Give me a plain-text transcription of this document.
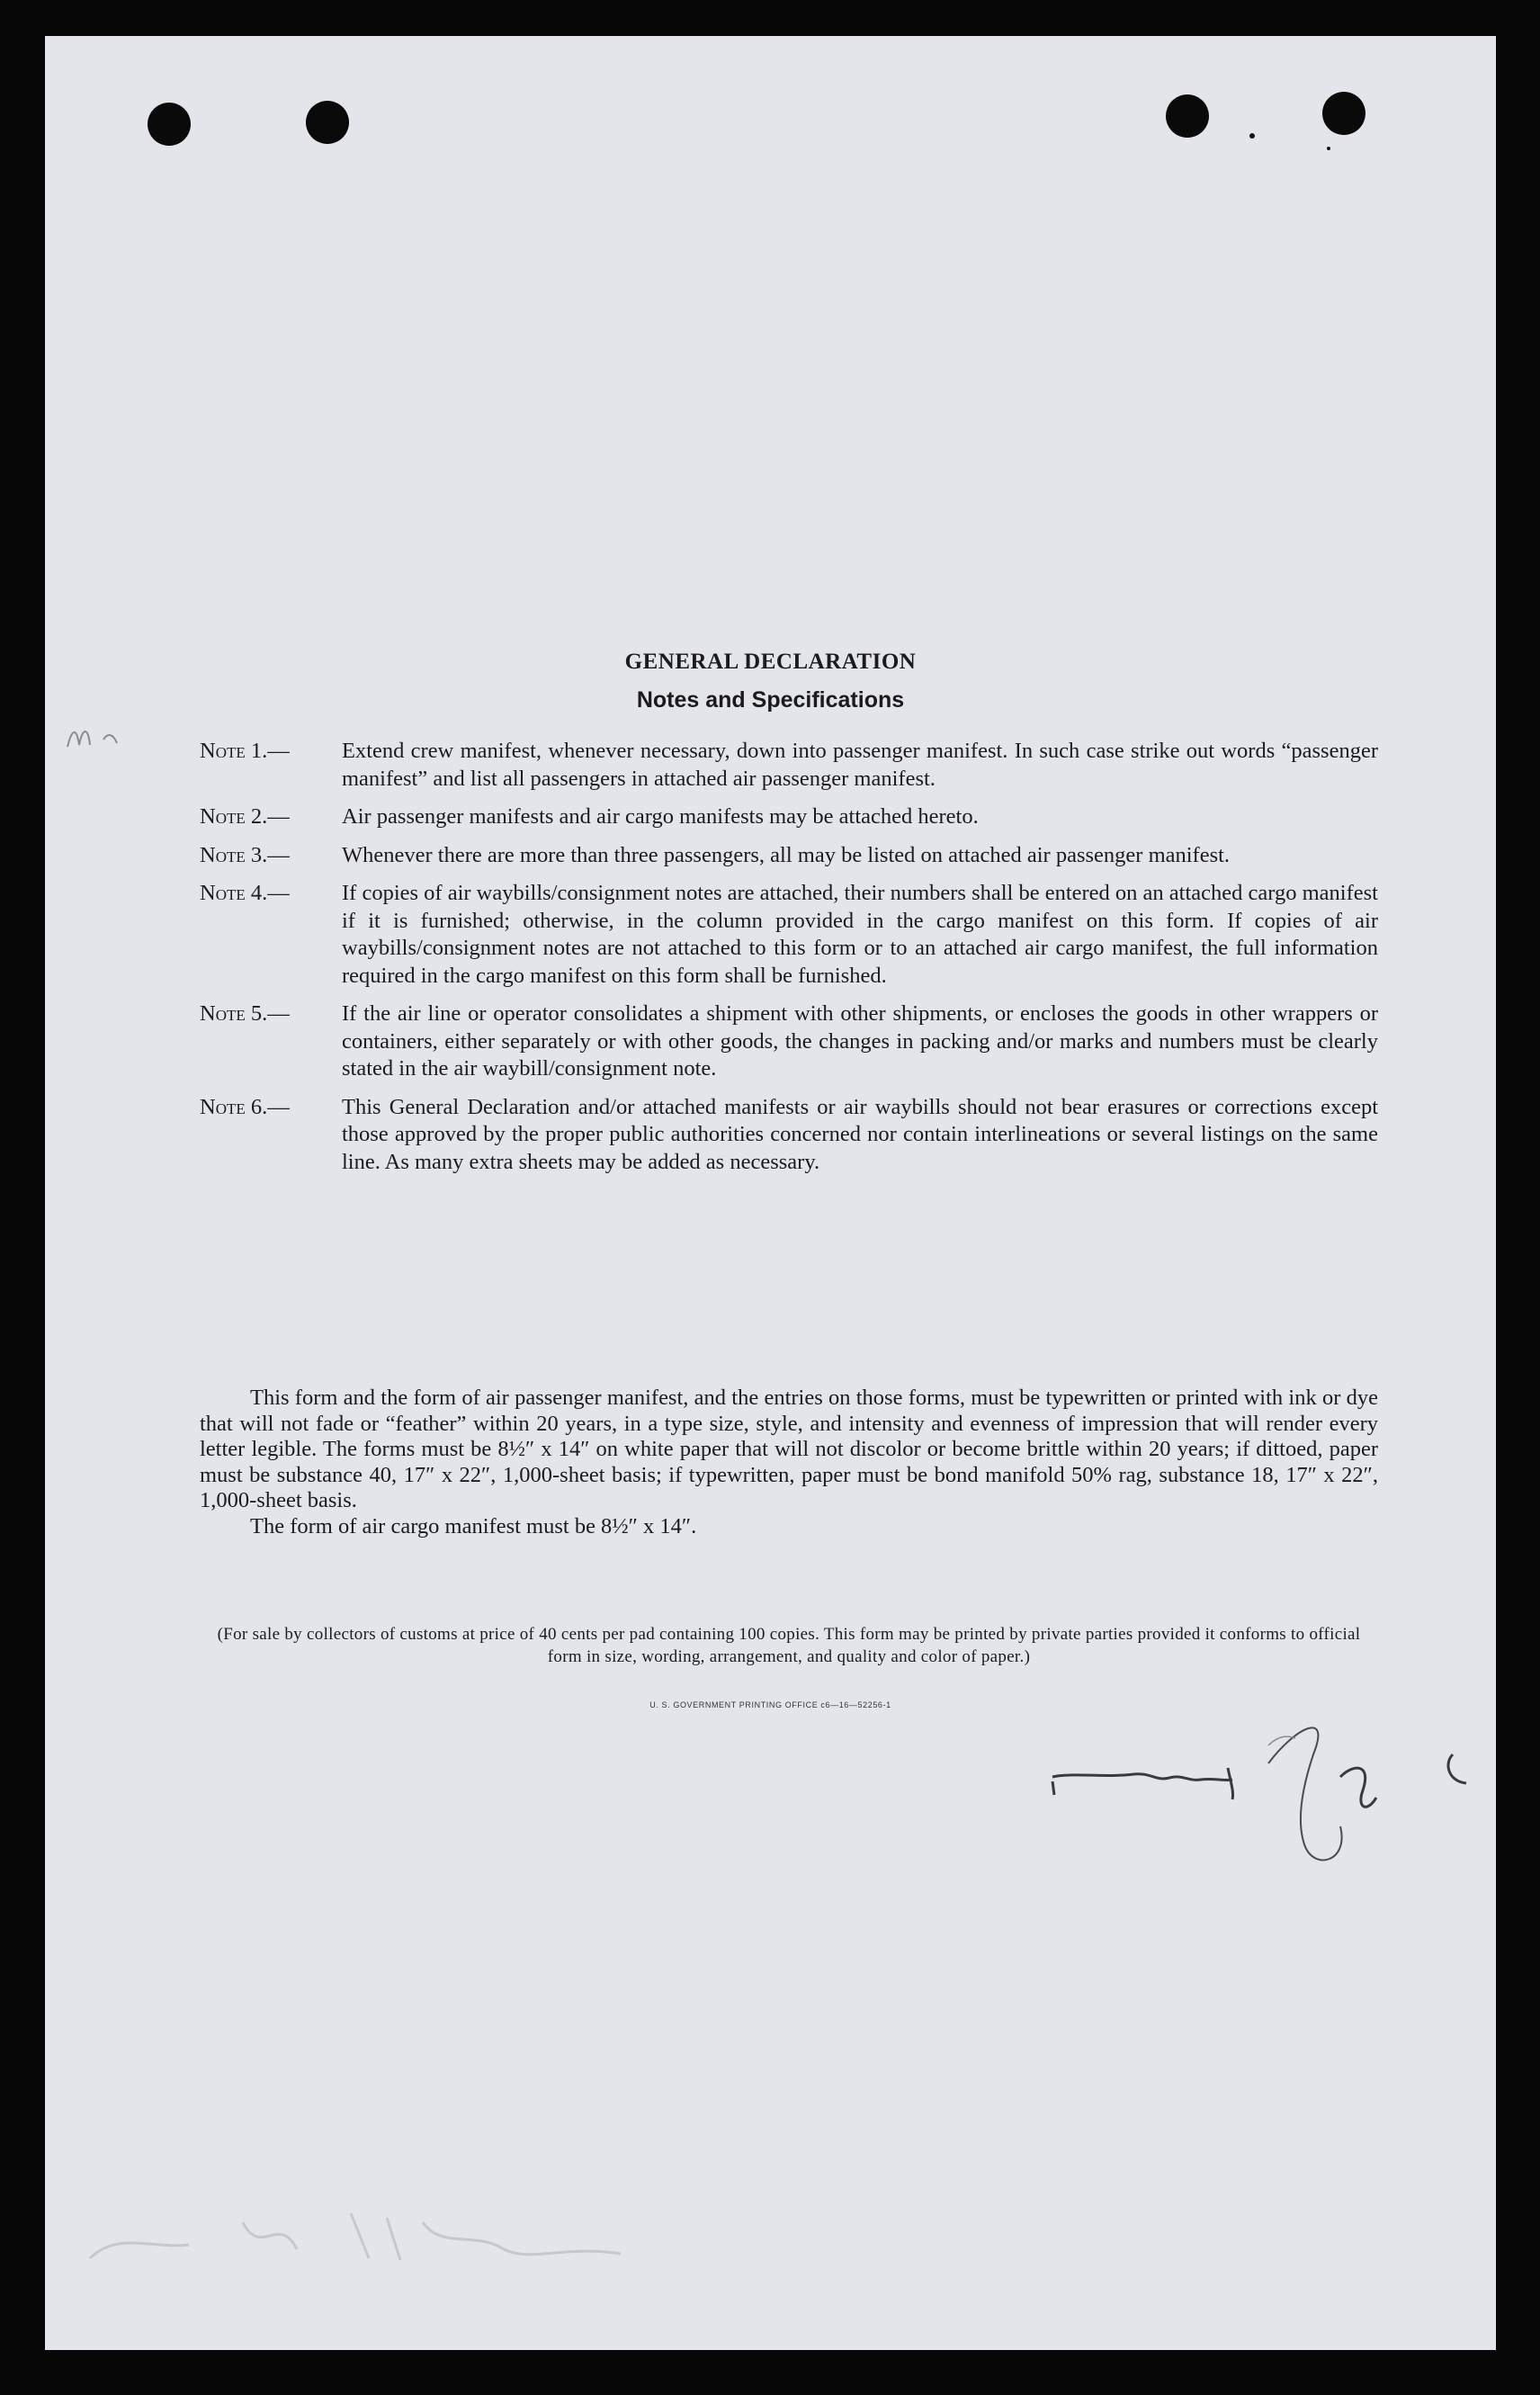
GENERAL DECLARATION
Notes and Specifications
Note 1.—	Extend crew manifest, whenever necessary, down into passenger manifest. In such case strike out words “passenger manifest” and list all passengers in attached air passenger manifest.
Note 2.—	Air passenger manifests and air cargo manifests may be attached hereto.
Note 3.—	Whenever there are more than three passengers, all may be listed on attached air passenger manifest.
Note 4.—	If copies of air waybills/consignment notes are attached, their numbers shall be entered on an attached cargo manifest if it is furnished; otherwise, in the column provided in the cargo manifest on this form. If copies of air waybills/consignment notes are not attached to this form or to an attached air cargo manifest, the full information required in the cargo manifest on this form shall be furnished.
Note 5.—	If the air line or operator consolidates a shipment with other shipments, or encloses the goods in other wrappers or containers, either separately or with other goods, the changes in packing and/or marks and numbers must be clearly stated in the air waybill/consignment note.
Note 6.—	This General Declaration and/or attached manifests or air waybills should not bear erasures or corrections except those approved by the proper public authorities concerned nor contain interlineations or several listings on the same line. As many extra sheets may be added as necessary.

This form and the form of air passenger manifest, and the entries on those forms, must be typewritten or printed with ink or dye that will not fade or “feather” within 20 years, in a type size, style, and intensity and evenness of impression that will render every letter legible. The forms must be 8½″ x 14″ on white paper that will not discolor or become brittle within 20 years; if dittoed, paper must be substance 40, 17″ x 22″, 1,000-sheet basis; if typewritten, paper must be bond manifold 50% rag, substance 18, 17″ x 22″, 1,000-sheet basis.

The form of air cargo manifest must be 8½″ x 14″.

(For sale by collectors of customs at price of 40 cents per pad containing 100 copies. This form may be printed by private parties provided it conforms to official form in size, wording, arrangement, and quality and color of paper.)
U. S. GOVERNMENT PRINTING OFFICE c6—16—52256-1
